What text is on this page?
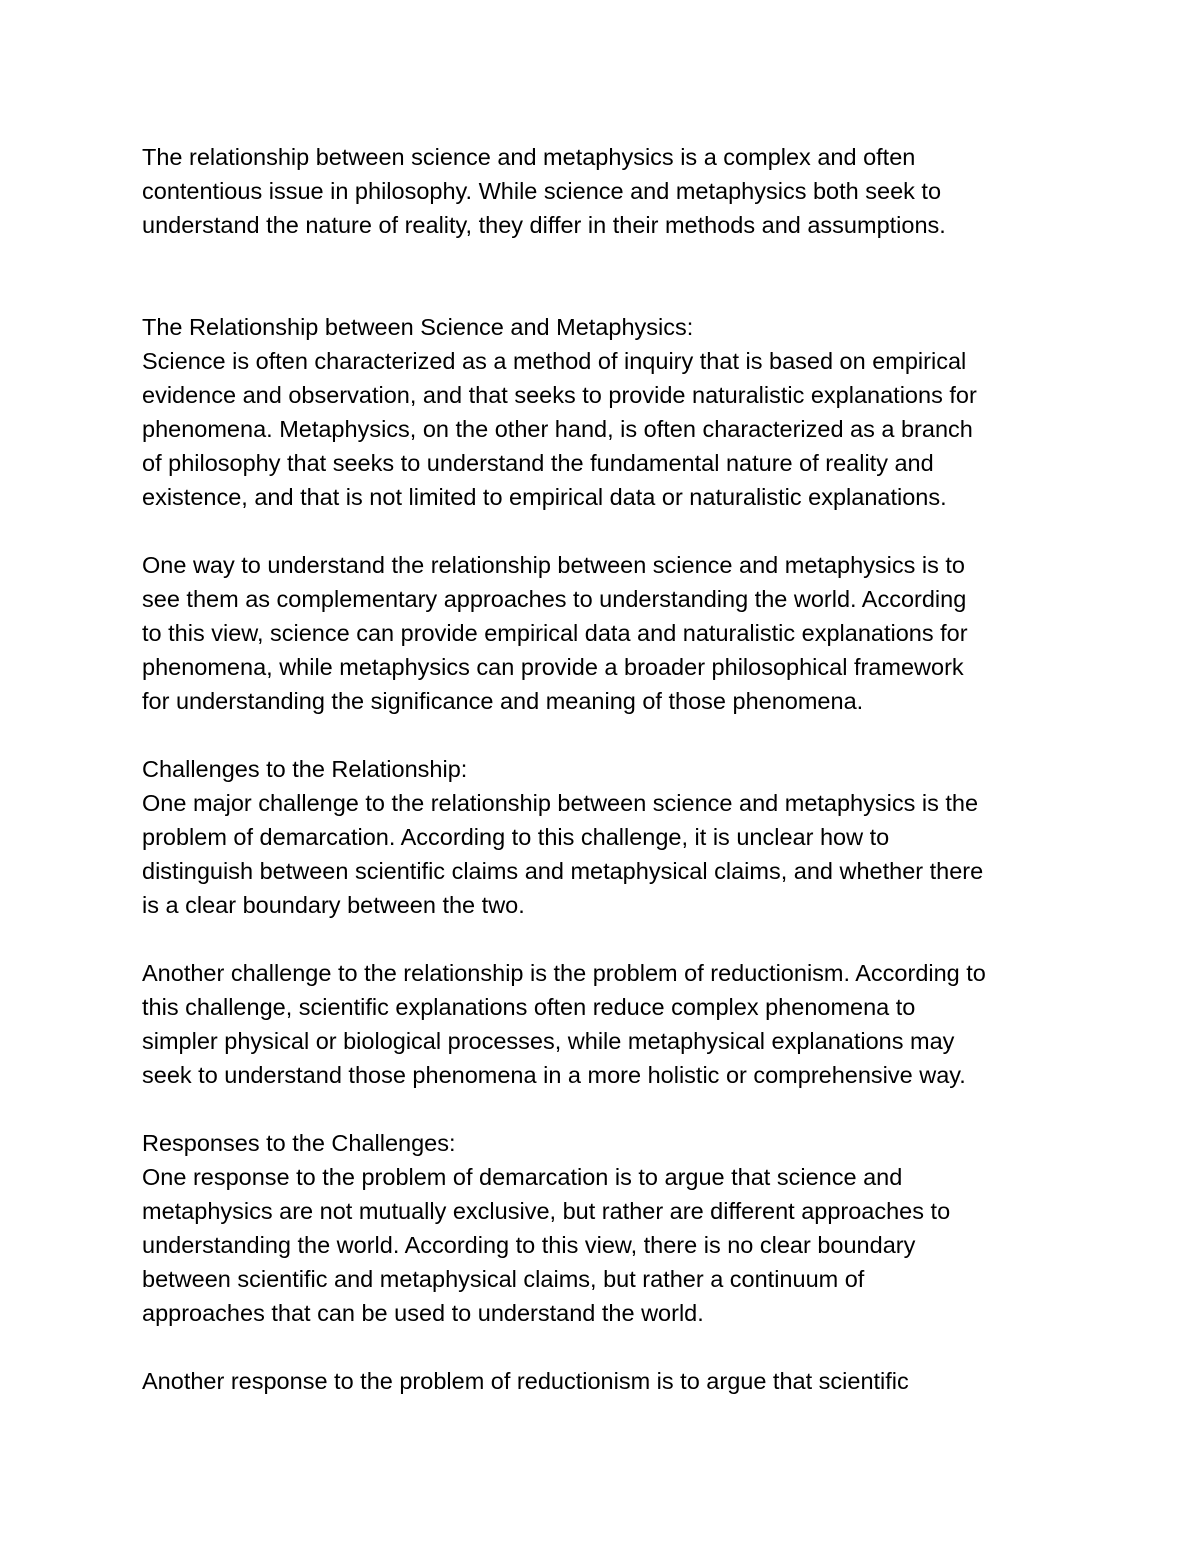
The relationship between science and metaphysics is a complex and often

contentious issue in philosophy. While science and metaphysics both seek to

understand the nature of reality, they differ in their methods and assumptions.

The Relationship between Science and Metaphysics:

Science is often characterized as a method of inquiry that is based on empirical

evidence and observation, and that seeks to provide naturalistic explanations for

phenomena. Metaphysics, on the other hand, is often characterized as a branch

of philosophy that seeks to understand the fundamental nature of reality and

existence, and that is not limited to empirical data or naturalistic explanations.

One way to understand the relationship between science and metaphysics is to

see them as complementary approaches to understanding the world. According

to this view, science can provide empirical data and naturalistic explanations for

phenomena, while metaphysics can provide a broader philosophical framework

for understanding the significance and meaning of those phenomena.

Challenges to the Relationship:

One major challenge to the relationship between science and metaphysics is the

problem of demarcation. According to this challenge, it is unclear how to

distinguish between scientific claims and metaphysical claims, and whether there

is a clear boundary between the two.

Another challenge to the relationship is the problem of reductionism. According to

this challenge, scientific explanations often reduce complex phenomena to

simpler physical or biological processes, while metaphysical explanations may

seek to understand those phenomena in a more holistic or comprehensive way.

Responses to the Challenges:

One response to the problem of demarcation is to argue that science and

metaphysics are not mutually exclusive, but rather are different approaches to

understanding the world. According to this view, there is no clear boundary

between scientific and metaphysical claims, but rather a continuum of

approaches that can be used to understand the world.

Another response to the problem of reductionism is to argue that scientific
